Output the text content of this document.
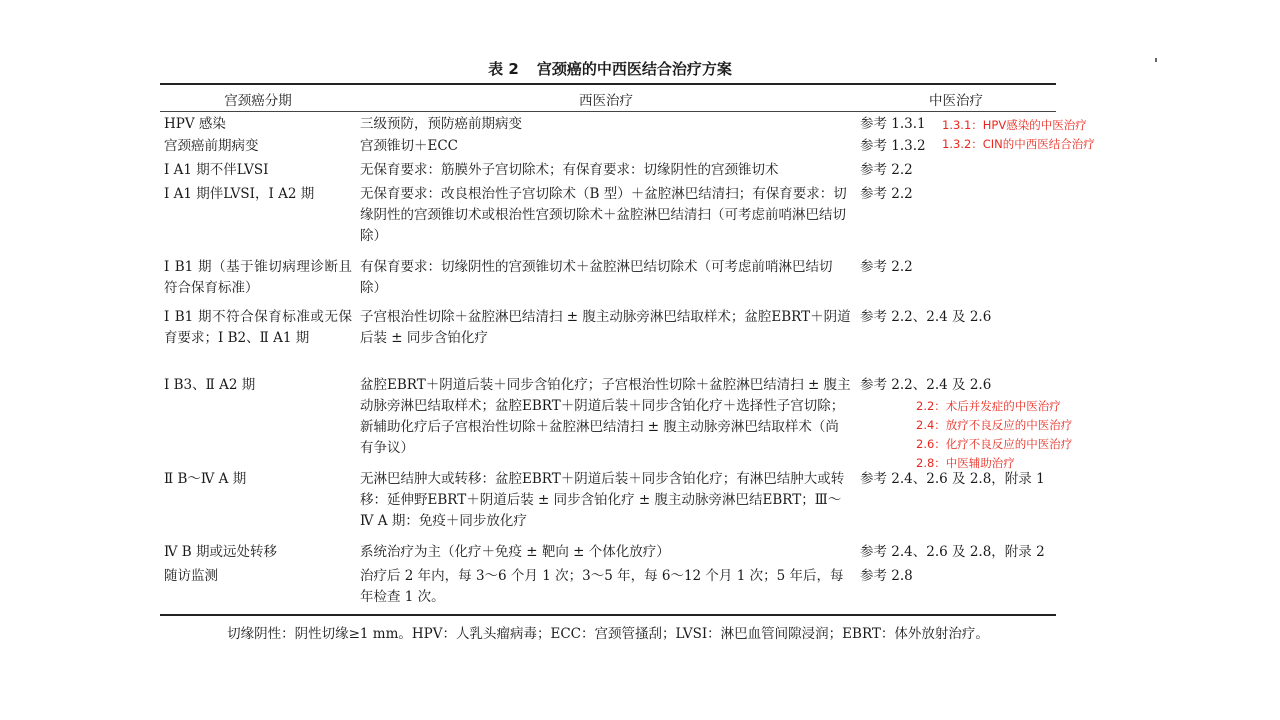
表 2 宫颈癌的中西医结合治疗方案
宫颈癌分期	西医治疗	中医治疗
HPV 感染	三级预防，预防癌前期病变	参考 1.3.1
宫颈癌前期病变	宫颈锥切＋ECC	参考 1.3.2
Ⅰ A1 期不伴LVSI	无保育要求：筋膜外子宫切除术；有保育要求：切缘阴性的宫颈锥切术	参考 2.2
Ⅰ A1 期伴LVSI，Ⅰ A2 期	无保育要求：改良根治性子宫切除术（B 型）＋盆腔淋巴结清扫；有保育要求：切缘阴性的宫颈锥切术或根治性宫颈切除术＋盆腔淋巴结清扫（可考虑前哨淋巴结切除）	参考 2.2
Ⅰ B1 期（基于锥切病理诊断且符合保育标准）	有保育要求：切缘阴性的宫颈锥切术＋盆腔淋巴结切除术（可考虑前哨淋巴结切除）	参考 2.2
Ⅰ B1 期不符合保育标准或无保育要求；Ⅰ B2、Ⅱ A1 期	子宫根治性切除＋盆腔淋巴结清扫 ± 腹主动脉旁淋巴结取样术；盆腔EBRT＋阴道后装 ± 同步含铂化疗	参考 2.2、2.4 及 2.6
Ⅰ B3、Ⅱ A2 期	盆腔EBRT＋阴道后装＋同步含铂化疗；子宫根治性切除＋盆腔淋巴结清扫 ± 腹主动脉旁淋巴结取样术；盆腔EBRT＋阴道后装＋同步含铂化疗＋选择性子宫切除；新辅助化疗后子宫根治性切除＋盆腔淋巴结清扫 ± 腹主动脉旁淋巴结取样术（尚有争议）	参考 2.2、2.4 及 2.6
Ⅱ B～Ⅳ A 期	无淋巴结肿大或转移：盆腔EBRT＋阴道后装＋同步含铂化疗；有淋巴结肿大或转移：延伸野EBRT＋阴道后装 ± 同步含铂化疗 ± 腹主动脉旁淋巴结EBRT；Ⅲ～Ⅳ A 期：免疫＋同步放化疗	参考 2.4、2.6 及 2.8，附录 1
Ⅳ B 期或远处转移	系统治疗为主（化疗＋免疫 ± 靶向 ± 个体化放疗）	参考 2.4、2.6 及 2.8，附录 2
随访监测	治疗后 2 年内，每 3～6 个月 1 次；3～5 年，每 6～12 个月 1 次；5 年后，每年检查 1 次。	参考 2.8
切缘阴性：阴性切缘≥1 mm。HPV：人乳头瘤病毒；ECC：宫颈管搔刮；LVSI：淋巴血管间隙浸润；EBRT：体外放射治疗。
1.3.1：HPV感染的中医治疗
1.3.2：CIN的中西医结合治疗
2.2：术后并发症的中医治疗
2.4：放疗不良反应的中医治疗
2.6：化疗不良反应的中医治疗
2.8：中医辅助治疗
